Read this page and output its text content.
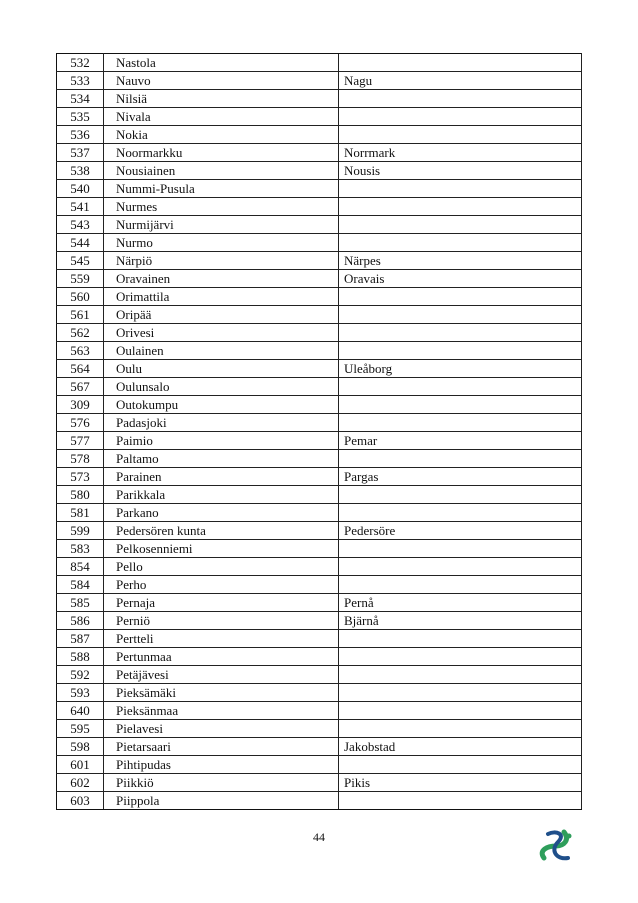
532	Nastola	
533	Nauvo	Nagu
534	Nilsiä	
535	Nivala	
536	Nokia	
537	Noormarkku	Norrmark
538	Nousiainen	Nousis
540	Nummi-Pusula	
541	Nurmes	
543	Nurmijärvi	
544	Nurmo	
545	Närpiö	Närpes
559	Oravainen	Oravais
560	Orimattila	
561	Oripää	
562	Orivesi	
563	Oulainen	
564	Oulu	Uleåborg
567	Oulunsalo	
309	Outokumpu	
576	Padasjoki	
577	Paimio	Pemar
578	Paltamo	
573	Parainen	Pargas
580	Parikkala	
581	Parkano	
599	Pedersören kunta	Pedersöre
583	Pelkosenniemi	
854	Pello	
584	Perho	
585	Pernaja	Pernå
586	Perniö	Bjärnå
587	Pertteli	
588	Pertunmaa	
592	Petäjävesi	
593	Pieksämäki	
640	Pieksänmaa	
595	Pielavesi	
598	Pietarsaari	Jakobstad
601	Pihtipudas	
602	Piikkiö	Pikis
603	Piippola	
44
